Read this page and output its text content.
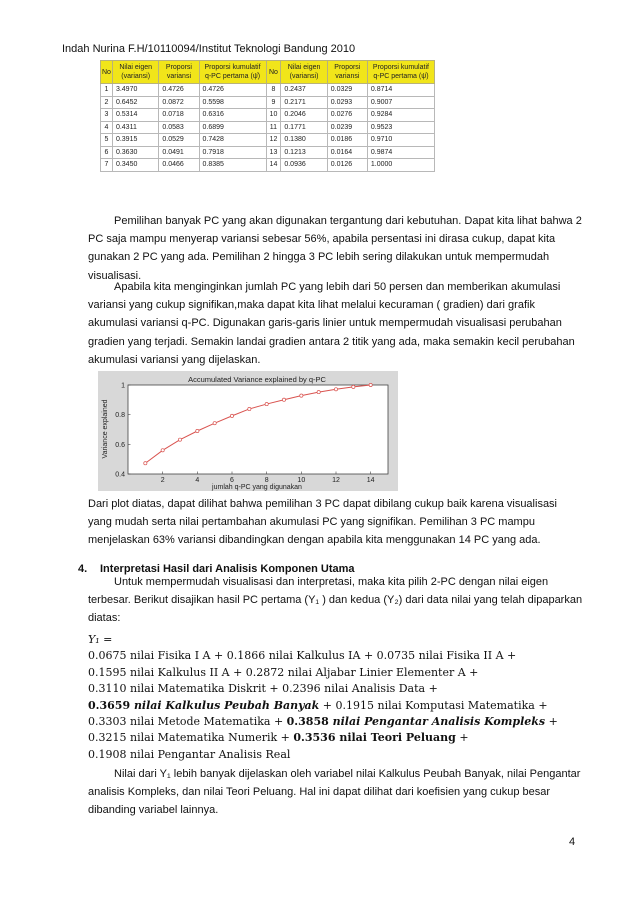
Indah Nurina F.H/10110094/Institut Teknologi Bandung 2010
No	Nilai eigen (variansi)	Proporsi variansi	Proporsi kumulatif q-PC pertama (ψ̂)	No	Nilai eigen (variansi)	Proporsi variansi	Proporsi kumulatif q-PC pertama (ψ̂)
1	3.4970	0.4726	0.4726	8	0.2437	0.0329	0.8714
2	0.6452	0.0872	0.5598	9	0.2171	0.0293	0.9007
3	0.5314	0.0718	0.6316	10	0.2046	0.0276	0.9284
4	0.4311	0.0583	0.6899	11	0.1771	0.0239	0.9523
5	0.3915	0.0529	0.7428	12	0.1380	0.0186	0.9710
6	0.3630	0.0491	0.7918	13	0.1213	0.0164	0.9874
7	0.3450	0.0466	0.8385	14	0.0936	0.0126	1.0000
Pemilihan banyak PC yang akan digunakan tergantung dari kebutuhan. Dapat kita lihat bahwa 2 PC saja mampu menyerap variansi sebesar 56%, apabila persentasi ini dirasa cukup, dapat kita gunakan 2 PC yang ada. Pemilihan 2 hingga 3 PC lebih sering dilakukan untuk mempermudah visualisasi.
Apabila kita menginginkan jumlah PC yang lebih dari 50 persen dan memberikan akumulasi variansi yang cukup signifikan,maka dapat kita lihat melalui kecuraman ( gradien) dari grafik akumulasi variansi q-PC. Digunakan garis-garis linier untuk mempermudah visualisasi perubahan gradien yang terjadi. Semakin landai gradien antara 2 titik yang ada, maka semakin kecil perubahan akumulasi variansi yang dijelaskan.
Accumulated Variance explained by q-PC
2	4	6	8	10	12	14
0.4
0.6
0.8
1
jumlah q-PC yang digunakan
Variance explained
Dari plot diatas, dapat dilihat bahwa pemilihan 3 PC dapat dibilang cukup baik karena visualisasi yang mudah serta nilai pertambahan akumulasi PC yang signifikan. Pemilihan 3 PC mampu menjelaskan 63% variansi dibandingkan dengan apabila kita menggunakan 14 PC yang ada.
4. Interpretasi Hasil dari Analisis Komponen Utama
Untuk mempermudah visualisasi dan interpretasi, maka kita pilih 2-PC dengan nilai eigen terbesar. Berikut disajikan hasil PC pertama (Y₁ ) dan kedua (Y₂) dari data nilai yang telah dipaparkan diatas:
Y₁ =
0.0675 nilai Fisika I A + 0.1866 nilai Kalkulus IA + 0.0735 nilai Fisika II A +
0.1595 nilai Kalkulus II A + 0.2872 nilai Aljabar Linier Elementer A +
0.3110 nilai Matematika Diskrit + 0.2396 nilai Analisis Data +
0.3659 nilai Kalkulus Peubah Banyak + 0.1915 nilai Komputasi Matematika +
0.3303 nilai Metode Matematika + 0.3858 nilai Pengantar Analisis Kompleks +
0.3215 nilai Matematika Numerik + 0.3536 nilai Teori Peluang +
0.1908 nilai Pengantar Analisis Real
Nilai dari Y₁ lebih banyak dijelaskan oleh variabel nilai Kalkulus Peubah Banyak, nilai Pengantar analisis Kompleks, dan nilai Teori Peluang. Hal ini dapat dilihat dari koefisien yang cukup besar dibanding variabel lainnya.
4
